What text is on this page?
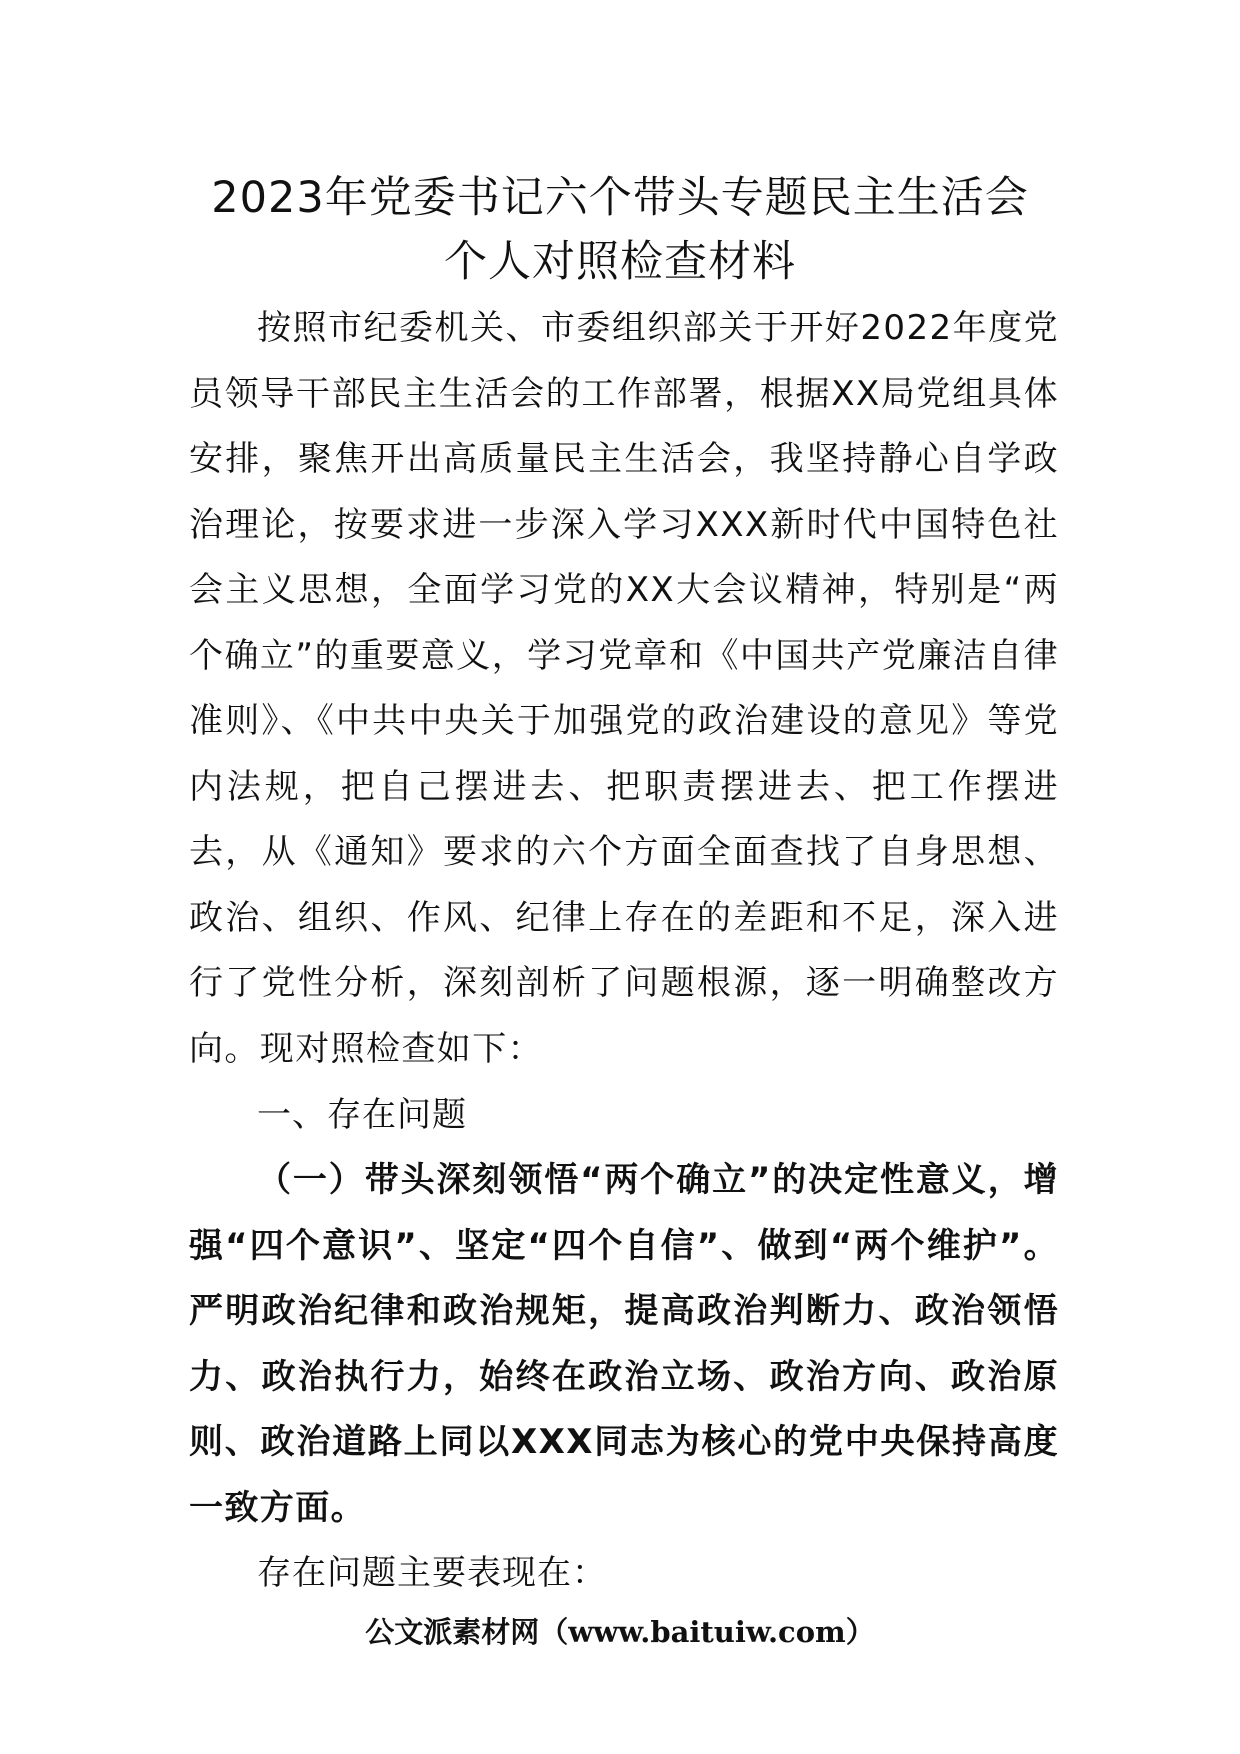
2023年党委书记六个带头专题民主生活会
个人对照检查材料

按照市纪委机关、市委组织部关于开好2022年度党员领导干部民主生活会的工作部署，根据XX局党组具体安排，聚焦开出高质量民主生活会，我坚持静心自学政治理论，按要求进一步深入学习XXX新时代中国特色社会主义思想，全面学习党的XX大会议精神，特别是“两个确立”的重要意义，学习党章和《中国共产党廉洁自律准则》、《中共中央关于加强党的政治建设的意见》等党内法规，把自己摆进去、把职责摆进去、把工作摆进去，从《通知》要求的六个方面全面查找了自身思想、政治、组织、作风、纪律上存在的差距和不足，深入进行了党性分析，深刻剖析了问题根源，逐一明确整改方向。现对照检查如下：

一、存在问题

（一）带头深刻领悟“两个确立”的决定性意义，增强“四个意识”、坚定“四个自信”、做到“两个维护”。严明政治纪律和政治规矩，提高政治判断力、政治领悟力、政治执行力，始终在政治立场、政治方向、政治原则、政治道路上同以XXX同志为核心的党中央保持高度一致方面。

存在问题主要表现在：

公文派素材网（www.baituiw.com）
